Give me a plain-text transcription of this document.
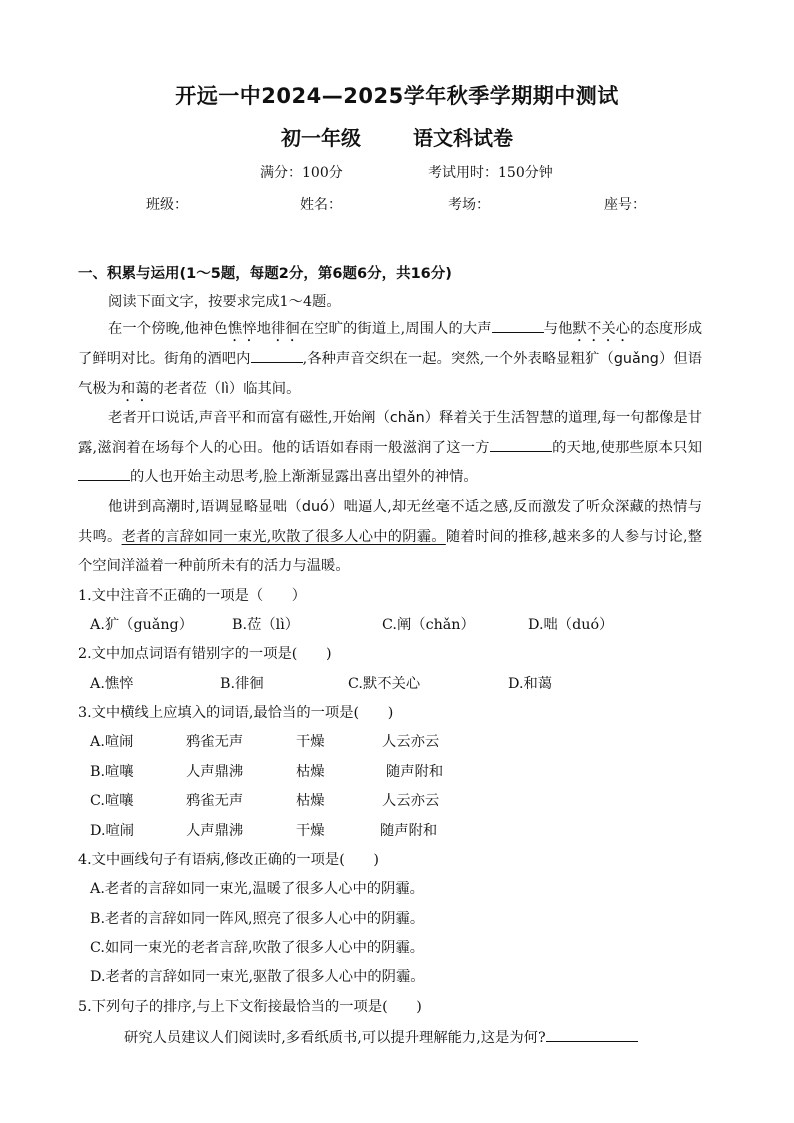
开远一中2024—2025学年秋季学期期中测试
初一年级	语文科试卷
满分：100分	考试用时：150分钟
班级：	姓名：	考场：	座号：
一、积累与运用(1～5题，每题2分，第6题6分，共16分)
阅读下面文字，按要求完成1～4题。
在一个傍晚,他神色憔悴地徘徊在空旷的街道上,周围人的大声	与他默不关心的态度形成了鲜明对比。街角的酒吧内	,各种声音交织在一起。突然,一个外表略显粗犷（guǎng）但语气极为和蔼的老者莅（lì）临其间。
老者开口说话,声音平和而富有磁性,开始阐（chǎn）释着关于生活智慧的道理,每一句都像是甘露,滋润着在场每个人的心田。他的话语如春雨一般滋润了这一方	的天地,使那些原本只知的人也开始主动思考,脸上渐渐显露出喜出望外的神情。
他讲到高潮时,语调显略显咄（duó）咄逼人,却无丝毫不适之感,反而激发了听众深藏的热情与共鸣。老者的言辞如同一束光,吹散了很多人心中的阴霾。随着时间的推移,越来多的人参与讨论,整个空间洋溢着一种前所未有的活力与温暖。
1.文中注音不正确的一项是（　　）
A.犷（guǎng）	B.莅（lì）	C.阐（chǎn）	D.咄（duó）
2.文中加点词语有错别字的一项是(　　)
A.憔悴	B.徘徊	C.默不关心	D.和蔼
3.文中横线上应填入的词语,最恰当的一项是(　　)
A.喧闹	鸦雀无声	干燥	人云亦云
B.喧嚷	人声鼎沸	枯燥	随声附和
C.喧嚷	鸦雀无声	枯燥	人云亦云
D.喧闹	人声鼎沸	干燥	随声附和
4.文中画线句子有语病,修改正确的一项是(　　)
A.老者的言辞如同一束光,温暖了很多人心中的阴霾。
B.老者的言辞如同一阵风,照亮了很多人心中的阴霾。
C.如同一束光的老者言辞,吹散了很多人心中的阴霾。
D.老者的言辞如同一束光,驱散了很多人心中的阴霾。
5.下列句子的排序,与上下文衔接最恰当的一项是(　　)
研究人员建议人们阅读时,多看纸质书,可以提升理解能力,这是为何?
